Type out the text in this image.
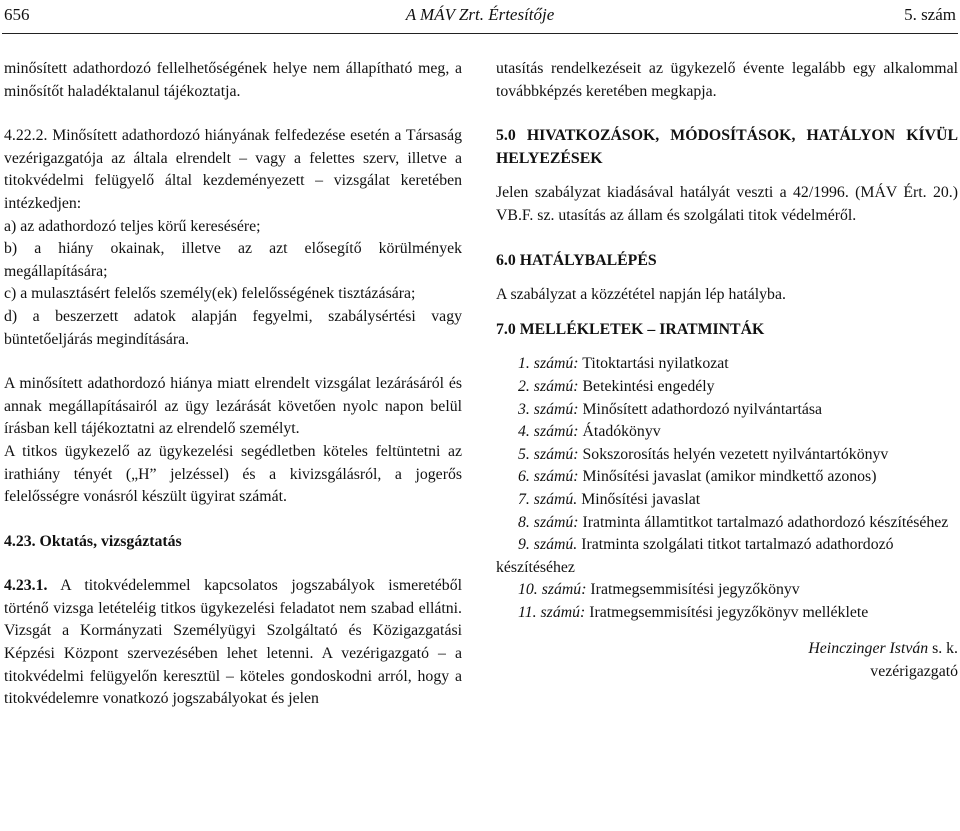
656	A MÁV Zrt. Értesítője	5. szám

minősített adathordozó fellelhetőségének helye nem állapítható meg, a minősítőt haladéktalanul tájékoztatja.

4.22.2. Minősített adathordozó hiányának felfedezése esetén a Társaság vezérigazgatója az általa elrendelt – vagy a felettes szerv, illetve a titokvédelmi felügyelő által kezdeményezett – vizsgálat keretében intézkedjen:

a) az adathordozó teljes körű keresésére;

b) a hiány okainak, illetve az azt elősegítő körülmények megállapítására;

c) a mulasztásért felelős személy(ek) felelősségének tisztázására;

d) a beszerzett adatok alapján fegyelmi, szabálysértési vagy büntetőeljárás megindítására.

A minősített adathordozó hiánya miatt elrendelt vizsgálat lezárásáról és annak megállapításairól az ügy lezárását követően nyolc napon belül írásban kell tájékoztatni az elrendelő személyt.

A titkos ügykezelő az ügykezelési segédletben köteles feltüntetni az irathiány tényét („H” jelzéssel) és a kivizsgálásról, a jogerős felelősségre vonásról készült ügyirat számát.

4.23. Oktatás, vizsgáztatás

4.23.1. A titokvédelemmel kapcsolatos jogszabályok ismeretéből történő vizsga letételéig titkos ügykezelési feladatot nem szabad ellátni. Vizsgát a Kormányzati Személyügyi Szolgáltató és Közigazgatási Képzési Központ szervezésében lehet letenni. A vezérigazgató – a titokvédelmi felügyelőn keresztül – köteles gondoskodni arról, hogy a titokvédelemre vonatkozó jogszabályokat és jelen

utasítás rendelkezéseit az ügykezelő évente legalább egy alkalommal továbbképzés keretében megkapja.

5.0 HIVATKOZÁSOK, MÓDOSÍTÁSOK, HATÁLYON KÍVÜL HELYEZÉSEK

Jelen szabályzat kiadásával hatályát veszti a 42/1996. (MÁV Ért. 20.) VB.F. sz. utasítás az állam és szolgálati titok védelméről.

6.0 HATÁLYBALÉPÉS

A szabályzat a közzététel napján lép hatályba.

7.0 MELLÉKLETEK – IRATMINTÁK

1. számú: Titoktartási nyilatkozat

2. számú: Betekintési engedély

3. számú: Minősített adathordozó nyilvántartása

4. számú: Átadókönyv

5. számú: Sokszorosítás helyén vezetett nyilvántartókönyv

6. számú: Minősítési javaslat (amikor mindkettő azonos)

7. számú. Minősítési javaslat

8. számú: Iratminta államtitkot tartalmazó adathordozó készítéséhez

9. számú. Iratminta szolgálati titkot tartalmazó adathordozó készítéséhez

10. számú: Iratmegsemmisítési jegyzőkönyv

11. számú: Iratmegsemmisítési jegyzőkönyv melléklete

Heinczinger István s. k.

vezérigazgató
